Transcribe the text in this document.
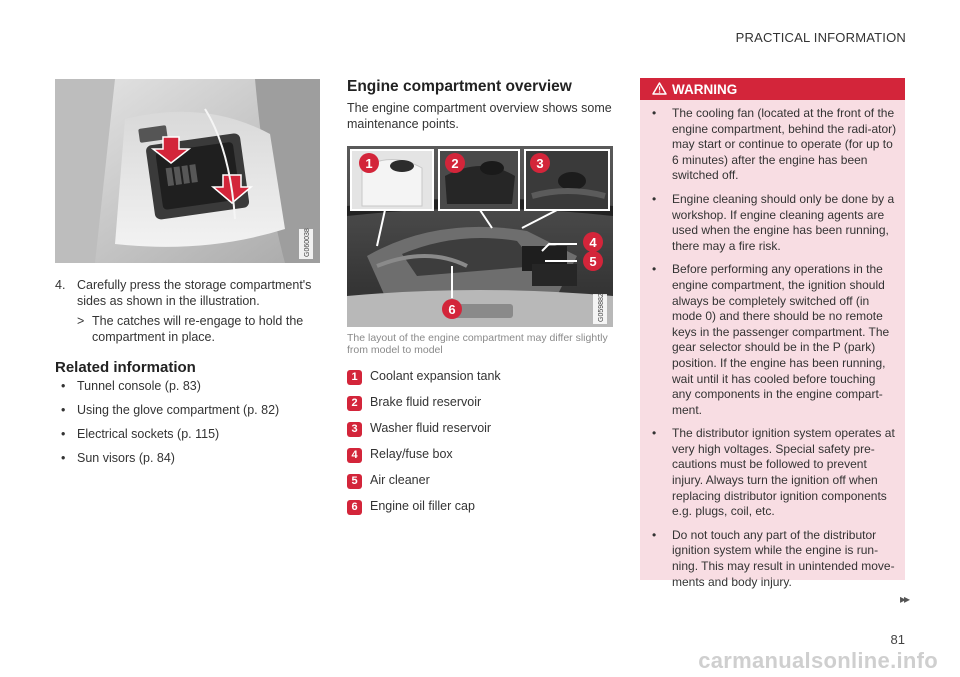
PRACTICAL INFORMATION
G060038
4. Carefully press the storage compartment's sides as shown in the illustration.
> The catches will re-engage to hold the compartment in place.
Related information
• Tunnel console (p. 83)
• Using the glove compartment (p. 82)
• Electrical sockets (p. 115)
• Sun visors (p. 84)
Engine compartment overview
The engine compartment overview shows some maintenance points.
1	2	3
4
5
6	G059882
The layout of the engine compartment may differ slightly from model to model
1 Coolant expansion tank
2 Brake fluid reservoir
3 Washer fluid reservoir
4 Relay/fuse box
5 Air cleaner
6 Engine oil filler cap
WARNING
•	The cooling fan (located at the front of the engine compartment, behind the radi-ator) may start or continue to operate (for up to 6 minutes) after the engine has been switched off.
•	Engine cleaning should only be done by a workshop. If engine cleaning agents are used when the engine has been running, there may a fire risk.
•	Before performing any operations in the engine compartment, the ignition should always be completely switched off (in mode 0) and there should be no remote keys in the passenger compartment. The gear selector should be in the P (park) position. If the engine has been running, wait until it has cooled before touching any components in the engine compart-ment.
•	The distributor ignition system operates at very high voltages. Special safety pre-cautions must be followed to prevent injury. Always turn the ignition off when replacing distributor ignition components e.g. plugs, coil, etc.
•	Do not touch any part of the distributor ignition system while the engine is run-ning. This may result in unintended move-ments and body injury.
▸▸
81
carmanualsonline.info
